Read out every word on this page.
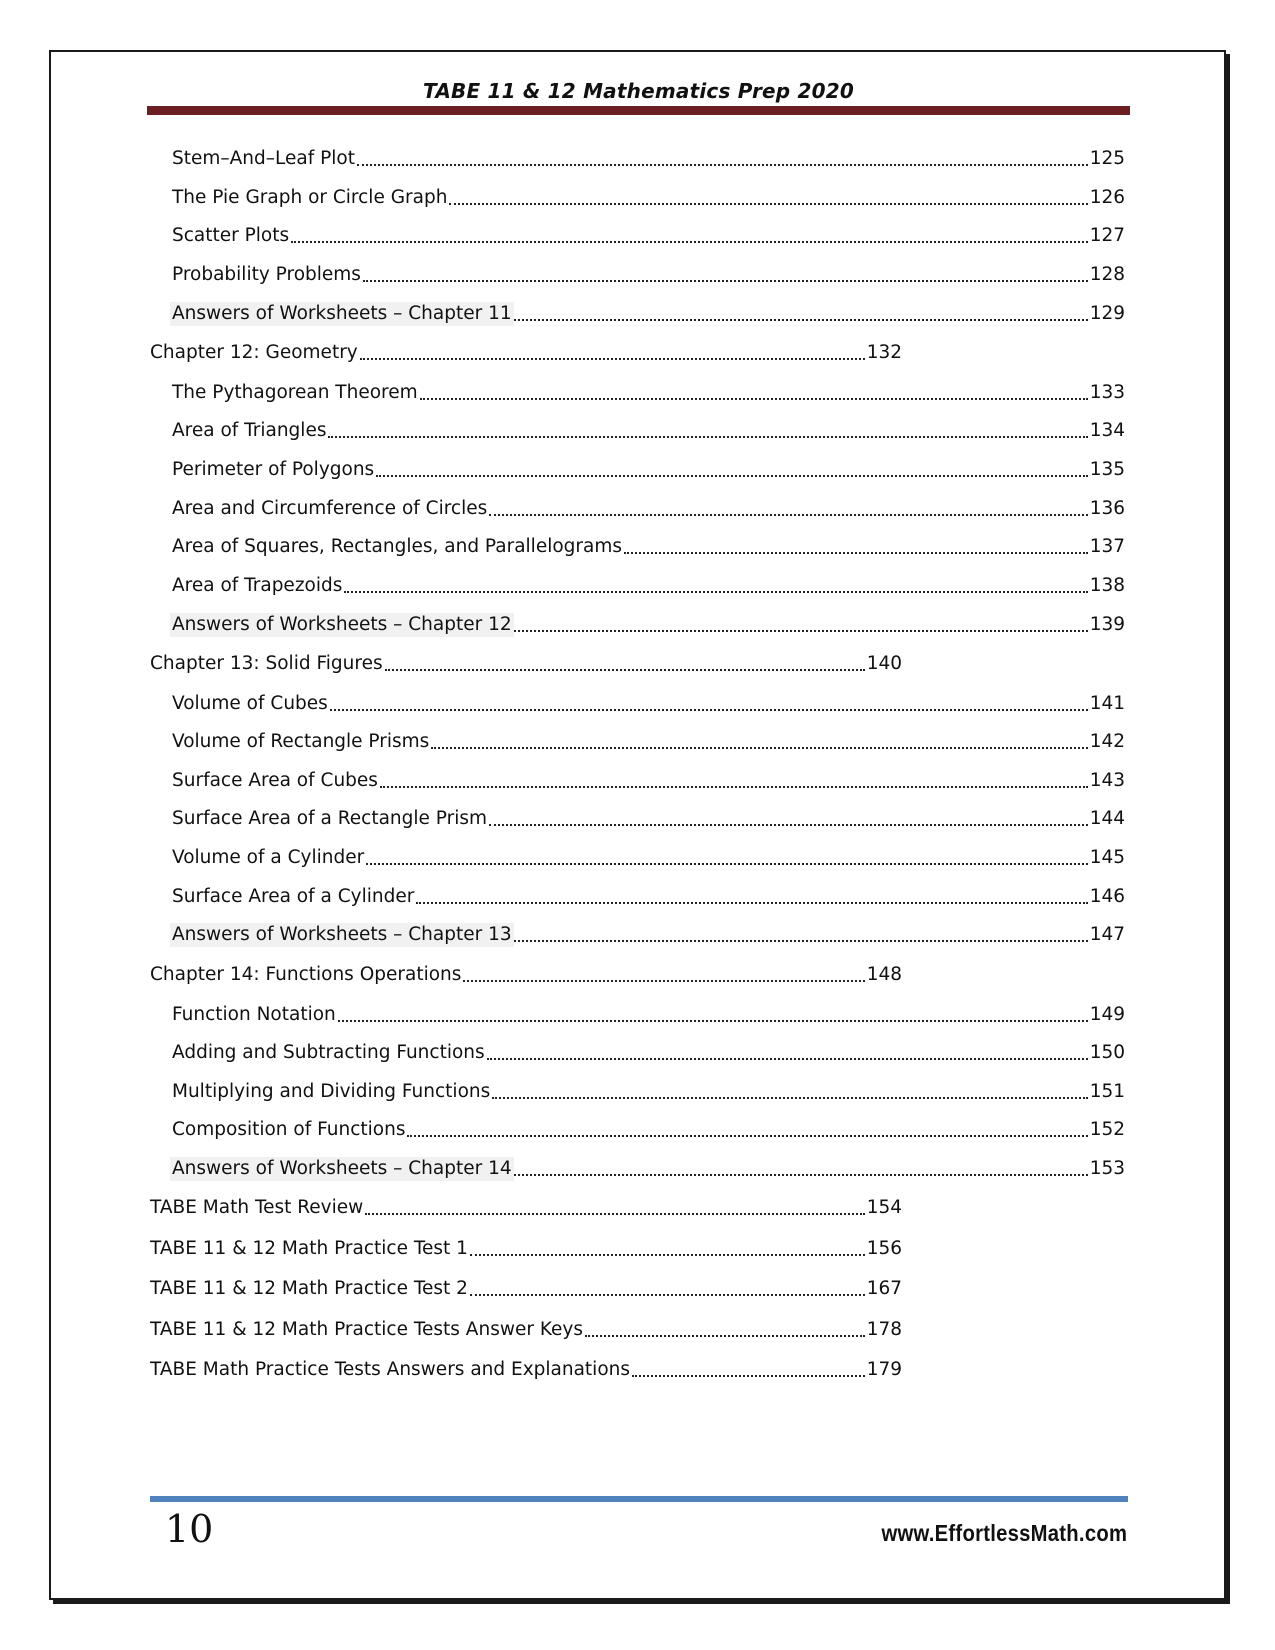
TABE 11 & 12 Mathematics Prep 2020
Stem–And–Leaf Plot	125
The Pie Graph or Circle Graph	126
Scatter Plots	127
Probability Problems	128
Answers of Worksheets – Chapter 11	129
Chapter 12: Geometry	132
The Pythagorean Theorem	133
Area of Triangles	134
Perimeter of Polygons	135
Area and Circumference of Circles	136
Area of Squares, Rectangles, and Parallelograms	137
Area of Trapezoids	138
Answers of Worksheets – Chapter 12	139
Chapter 13: Solid Figures	140
Volume of Cubes	141
Volume of Rectangle Prisms	142
Surface Area of Cubes	143
Surface Area of a Rectangle Prism	144
Volume of a Cylinder	145
Surface Area of a Cylinder	146
Answers of Worksheets – Chapter 13	147
Chapter 14: Functions Operations	148
Function Notation	149
Adding and Subtracting Functions	150
Multiplying and Dividing Functions	151
Composition of Functions	152
Answers of Worksheets – Chapter 14	153
TABE Math Test Review	154
TABE 11 & 12 Math Practice Test 1	156
TABE 11 & 12 Math Practice Test 2	167
TABE 11 & 12 Math Practice Tests Answer Keys	178
TABE Math Practice Tests Answers and Explanations	179
10	www.EffortlessMath.com
